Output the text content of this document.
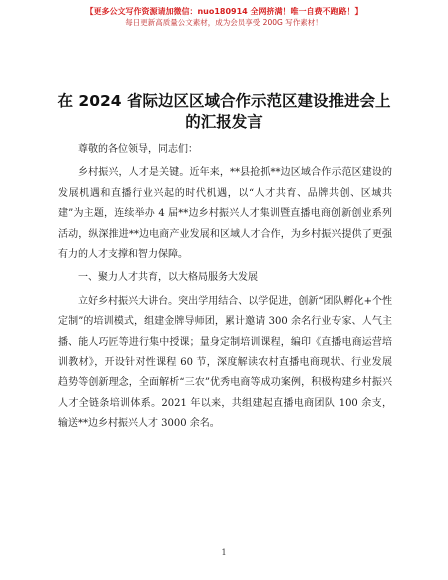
【更多公文写作资源请加微信：nuo180914 全网挤满！唯一自费不跑路！】
每日更新高质量公文素材，成为会员享受 200G 写作素材！
在 2024 省际边区区域合作示范区建设推进会上
的汇报发言

尊敬的各位领导，同志们：

乡村振兴，人才是关键。近年来，**县抢抓**边区域合作示范区建设的发展机遇和直播行业兴起的时代机遇，以“人才共育、品牌共创、区域共建”为主题，连续举办 4 届**边乡村振兴人才集训暨直播电商创新创业系列活动，纵深推进**边电商产业发展和区域人才合作，为乡村振兴提供了更强有力的人才支撑和智力保障。

一、聚力人才共育，以大格局服务大发展

立好乡村振兴大讲台。突出学用结合、以学促进，创新“团队孵化+个性定制”的培训模式，组建金牌导师团，累计邀请 300 余名行业专家、人气主播、能人巧匠等进行集中授课；量身定制培训课程，编印《直播电商运营培训教材》，开设针对性课程 60 节，深度解读农村直播电商现状、行业发展趋势等创新理念，全面解析“三农”优秀电商等成功案例，积极构建乡村振兴人才全链条培训体系。2021 年以来，共组建起直播电商团队 100 余支，输送**边乡村振兴人才 3000 余名。

1
